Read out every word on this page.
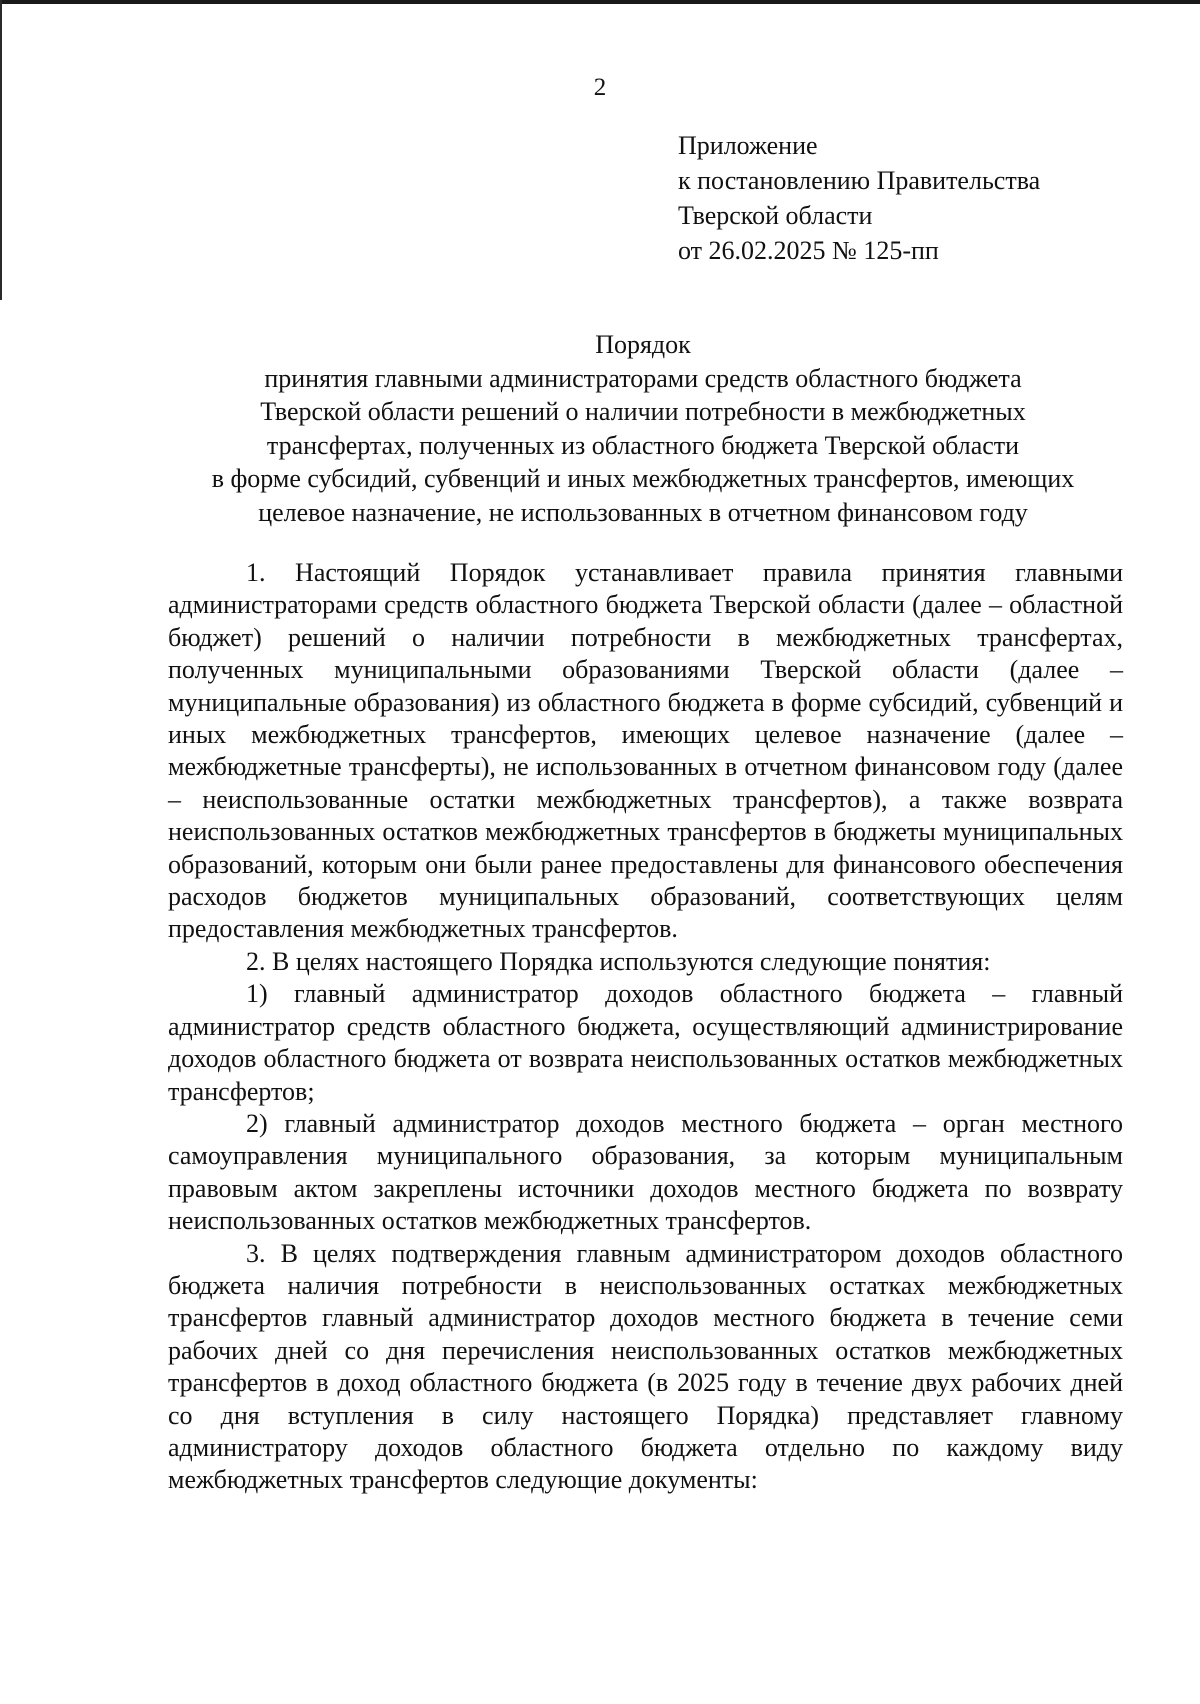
2
Приложение
к постановлению Правительства
Тверской области
от 26.02.2025 № 125-пп
Порядок
принятия главными администраторами средств областного бюджета
Тверской области решений о наличии потребности в межбюджетных
трансфертах, полученных из областного бюджета Тверской области
в форме субсидий, субвенций и иных межбюджетных трансфертов, имеющих
целевое назначение, не использованных в отчетном финансовом году

1. Настоящий Порядок устанавливает правила принятия главными администраторами средств областного бюджета Тверской области (далее – областной бюджет) решений о наличии потребности в межбюджетных трансфертах, полученных муниципальными образованиями Тверской области (далее – муниципальные образования) из областного бюджета в форме субсидий, субвенций и иных межбюджетных трансфертов, имеющих целевое назначение (далее – межбюджетные трансферты), не использованных в отчетном финансовом году (далее – неиспользованные остатки межбюджетных трансфертов), а также возврата неиспользованных остатков межбюджетных трансфертов в бюджеты муниципальных образований, которым они были ранее предоставлены для финансового обеспечения расходов бюджетов муниципальных образований, соответствующих целям предоставления межбюджетных трансфертов.

2. В целях настоящего Порядка используются следующие понятия:

1) главный администратор доходов областного бюджета – главный администратор средств областного бюджета, осуществляющий администрирование доходов областного бюджета от возврата неиспользованных остатков межбюджетных трансфертов;

2) главный администратор доходов местного бюджета – орган местного самоуправления муниципального образования, за которым муниципальным правовым актом закреплены источники доходов местного бюджета по возврату неиспользованных остатков межбюджетных трансфертов.

3. В целях подтверждения главным администратором доходов областного бюджета наличия потребности в неиспользованных остатках межбюджетных трансфертов главный администратор доходов местного бюджета в течение семи рабочих дней со дня перечисления неиспользованных остатков межбюджетных трансфертов в доход областного бюджета (в 2025 году в течение двух рабочих дней со дня вступления в силу настоящего Порядка) представляет главному администратору доходов областного бюджета отдельно по каждому виду межбюджетных трансфертов следующие документы:
